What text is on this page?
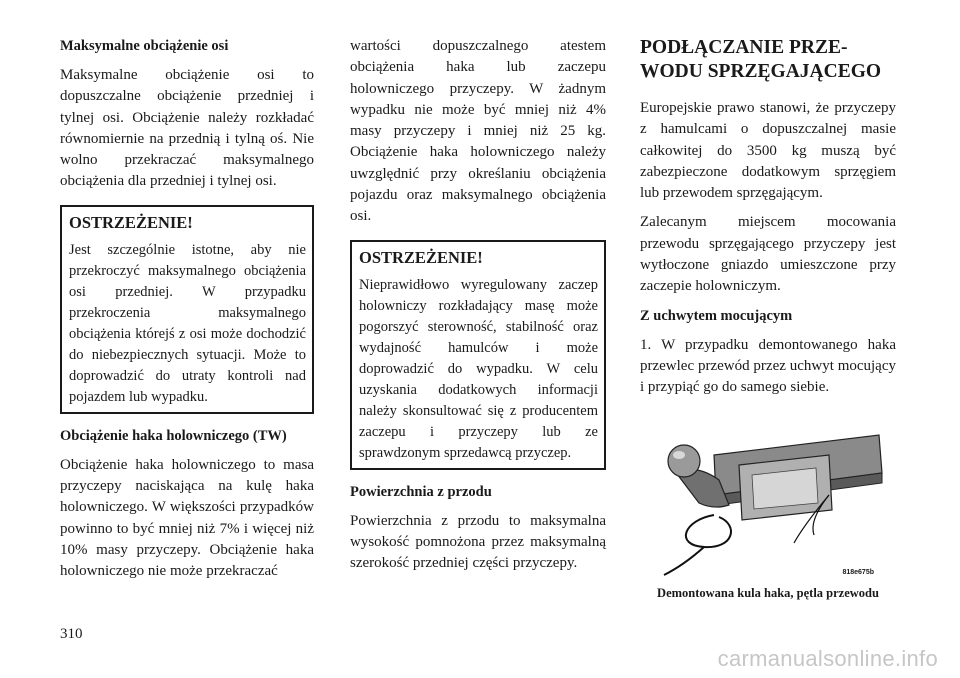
Maksymalne obciążenie osi

Maksymalne obciążenie osi to dopuszczalne obciążenie przedniej i tylnej osi. Obciążenie należy rozkładać równomiernie na przednią i tylną oś. Nie wolno przekraczać maksymalnego obciążenia dla przedniej i tylnej osi.

OSTRZEŻENIE!

Jest szczególnie istotne, aby nie przekroczyć maksymalnego obciążenia osi przedniej. W przypadku przekroczenia maksymalnego obciążenia którejś z osi może dochodzić do niebezpiecznych sytuacji. Może to doprowadzić do utraty kontroli nad pojazdem lub wypadku.

Obciążenie haka holowniczego (TW)

Obciążenie haka holowniczego to masa przyczepy naciskająca na kulę haka holowniczego. W większości przypadków powinno to być mniej niż 7% i więcej niż 10% masy przyczepy. Obciążenie haka holowniczego nie może przekraczać

wartości dopuszczalnego atestem obciążenia haka lub zaczepu holowniczego przyczepy. W żadnym wypadku nie może być mniej niż 4% masy przyczepy i mniej niż 25 kg. Obciążenie haka holowniczego należy uwzględnić przy określaniu obciążenia pojazdu oraz maksymalnego obciążenia osi.

OSTRZEŻENIE!

Nieprawidłowo wyregulowany zaczep holowniczy rozkładający masę może pogorszyć sterowność, stabilność oraz wydajność hamulców i może doprowadzić do wypadku. W celu uzyskania dodatkowych informacji należy skonsultować się z producentem zaczepu i przyczepy lub ze sprawdzonym sprzedawcą przyczep.

Powierzchnia z przodu

Powierzchnia z przodu to maksymalna wysokość pomnożona przez maksymalną szerokość przedniej części przyczepy.

PODŁĄCZANIE PRZE-
WODU SPRZĘGAJĄCEGO

Europejskie prawo stanowi, że przyczepy z hamulcami o dopuszczalnej masie całkowitej do 3500 kg muszą być zabezpieczone dodatkowym sprzęgiem lub przewodem sprzęgającym.

Zalecanym miejscem mocowania przewodu sprzęgającego przyczepy jest wytłoczone gniazdo umieszczone przy zaczepie holowniczym.

Z uchwytem mocującym

1. W przypadku demontowanego haka przewlec przewód przez uchwyt mocujący i przypiąć go do samego siebie.

818e675b
Demontowana kula haka, pętla przewodu
310
carmanualsonline.info
